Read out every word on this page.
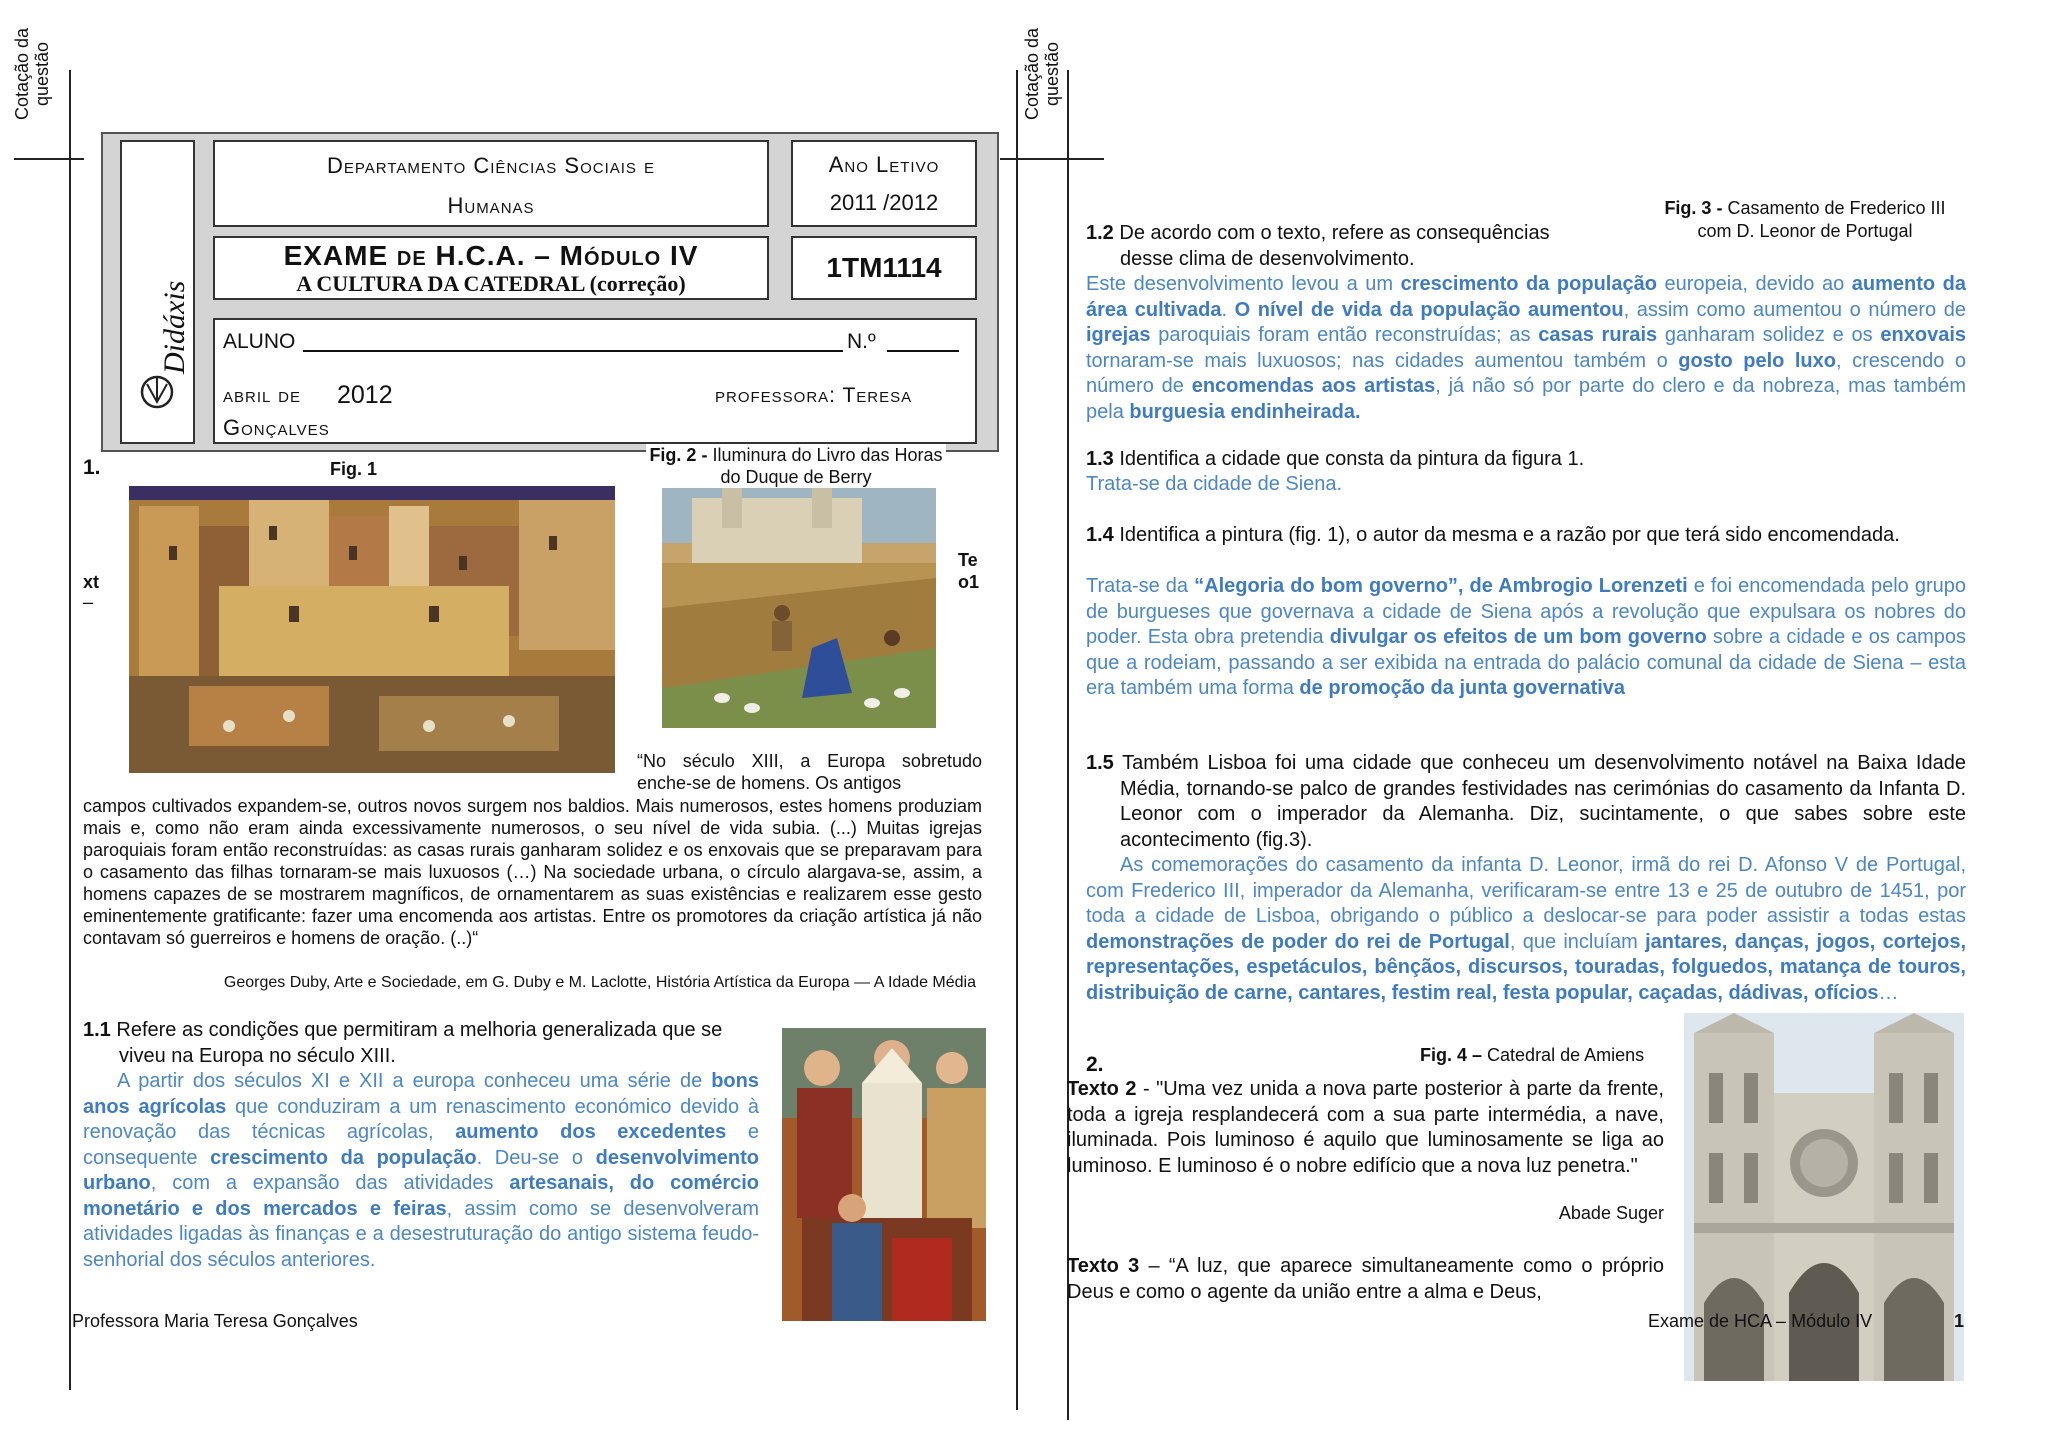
Cotação da questão	Cotação da questão
Didáxis
Departamento Ciências Sociais e
Humanas
Ano Letivo
2011 /2012
EXAME de H.C.A. – Módulo IV
A CULTURA DA CATEDRAL (correção)
1TM1114
ALUNO	N.º
abril de 2012	professora: Teresa
Gonçalves
1.	Fig. 1
Fig. 2 - Iluminura do Livro das Horas do Duque de Berry
xt
–
Te
o1
“No século XIII, a Europa sobretudo enche-se de homens. Os antigos
campos cultivados expandem-se, outros novos surgem nos baldios. Mais numerosos, estes homens produziam mais e, como não eram ainda excessivamente numerosos, o seu nível de vida subia. (...) Muitas igrejas paroquiais foram então reconstruídas: as casas rurais ganharam solidez e os enxovais que se preparavam para o casamento das filhas tornaram-se mais luxuosos (…) Na sociedade urbana, o círculo alargava-se, assim, a homens capazes de se mostrarem magníficos, de ornamentarem as suas existências e realizarem esse gesto eminentemente gratificante: fazer uma encomenda aos artistas. Entre os promotores da criação artística já não contavam só guerreiros e homens de oração. (..)“
Georges Duby, Arte e Sociedade, em G. Duby e M. Laclotte, História Artística da Europa — A Idade Média

1.1 Refere as condições que permitiram a melhoria generalizada que se viveu na Europa no século XIII.

A partir dos séculos XI e XII a europa conheceu uma série de bons anos agrícolas que conduziram a um renascimento económico devido à renovação das técnicas agrícolas, aumento dos excedentes e consequente crescimento da população. Deu-se o desenvolvimento urbano, com a expansão das atividades artesanais, do comércio monetário e dos mercados e feiras, assim como se desenvolveram atividades ligadas às finanças e a desestruturação do antigo sistema feudo-senhorial dos séculos anteriores.
Professora Maria Teresa Gonçalves
Fig. 3 - Casamento de Frederico III
com D. Leonor de Portugal

1.2 De acordo com o texto, refere as consequências desse clima de desenvolvimento.

Este desenvolvimento levou a um crescimento da população europeia, devido ao aumento da área cultivada. O nível de vida da população aumentou, assim como aumentou o número de igrejas paroquiais foram então reconstruídas; as casas rurais ganharam solidez e os enxovais tornaram-se mais luxuosos; nas cidades aumentou também o gosto pelo luxo, crescendo o número de encomendas aos artistas, já não só por parte do clero e da nobreza, mas também pela burguesia endinheirada.
1.3 Identifica a cidade que consta da pintura da figura 1.
Trata-se da cidade de Siena.

1.4 Identifica a pintura (fig. 1), o autor da mesma e a razão por que terá sido encomendada.

Trata-se da “Alegoria do bom governo”, de Ambrogio Lorenzeti e foi encomendada pelo grupo de burgueses que governava a cidade de Siena após a revolução que expulsara os nobres do poder. Esta obra pretendia divulgar os efeitos de um bom governo sobre a cidade e os campos que a rodeiam, passando a ser exibida na entrada do palácio comunal da cidade de Siena – esta era também uma forma de promoção da junta governativa

1.5 Também Lisboa foi uma cidade que conheceu um desenvolvimento notável na Baixa Idade Média, tornando-se palco de grandes festividades nas cerimónias do casamento da Infanta D. Leonor com o imperador da Alemanha. Diz, sucintamente, o que sabes sobre este acontecimento (fig.3).

As comemorações do casamento da infanta D. Leonor, irmã do rei D. Afonso V de Portugal, com Frederico III, imperador da Alemanha, verificaram-se entre 13 e 25 de outubro de 1451, por toda a cidade de Lisboa, obrigando o público a deslocar-se para poder assistir a todas estas demonstrações de poder do rei de Portugal, que incluíam jantares, danças, jogos, cortejos, representações, espetáculos, bênçãos, discursos, touradas, folguedos, matança de touros, distribuição de carne, cantares, festim real, festa popular, caçadas, dádivas, ofícios…
2.	Fig. 4 – Catedral de Amiens
Texto 2 - "Uma vez unida a nova parte posterior à parte da frente, toda a igreja resplandecerá com a sua parte intermédia, a nave, iluminada. Pois luminoso é aquilo que luminosamente se liga ao luminoso. E luminoso é o nobre edifício que a nova luz penetra."
Abade Suger
Texto 3 – “A luz, que aparece simultaneamente como o próprio Deus e como o agente da união entre a alma e Deus,
Exame de HCA – Módulo IV	1
